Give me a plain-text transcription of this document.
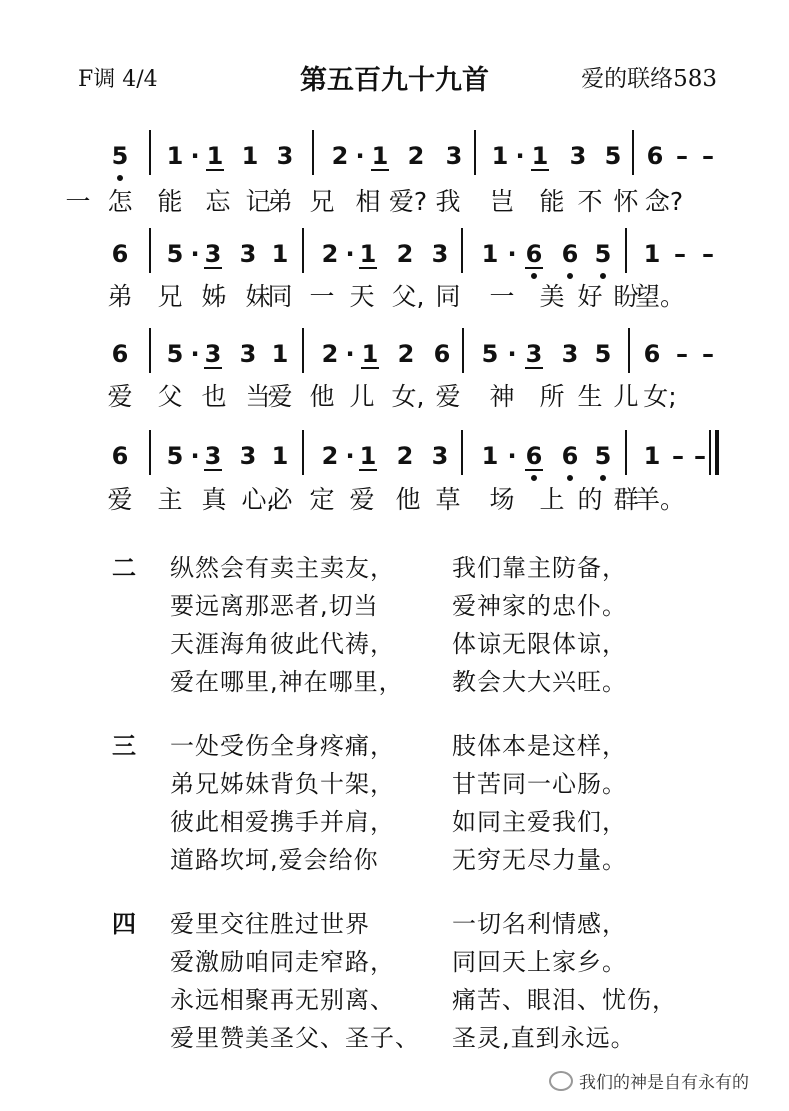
F调 4/4	第五百九十九首	爱的联络583
5 1 · 1 1 3 2 · 1 2 3 1 · 1 3 5 6 – –
一 怎 能 忘 记
弟 兄 相 爱? 我 岂 能 不 怀 念?
6 5 · 3 3 1 2 · 1 2 3 1 · 6 6 5 1 – –
弟 兄 姊 妹
同 一 天 父, 同 一 美 好 盼
望。
6 5 · 3 3 1 2 · 1 2 6 5 · 3 3 5 6 – –
爱 父 也 当
爱 他 儿 女, 爱 神 所 生 儿 女;
6 5 · 3 3 1 2 · 1 2 3 1 · 6 6 5 1 – –
爱 主 真 心,
必 定 爱 他 草 场 上 的 群
羊。
二 纵然会有卖主卖友， 我们靠主防备，
要远离那恶者,切当	爱神家的忠仆。
天涯海角彼此代祷， 体谅无限体谅，
爱在哪里,神在哪里， 教会大大兴旺。
三 一处受伤全身疼痛， 肢体本是这样，
弟兄姊妹背负十架， 甘苦同一心肠。
彼此相爱携手并肩， 如同主爱我们，
道路坎坷,爱会给你	无穷无尽力量。
四 爱里交往胜过世界	一切名利情感，
爱激励咱同走窄路， 同回天上家乡。
永远相聚再无别离、 痛苦、眼泪、忧伤，
爱里赞美圣父、圣子、 圣灵,直到永远。
我们的神是自有永有的
